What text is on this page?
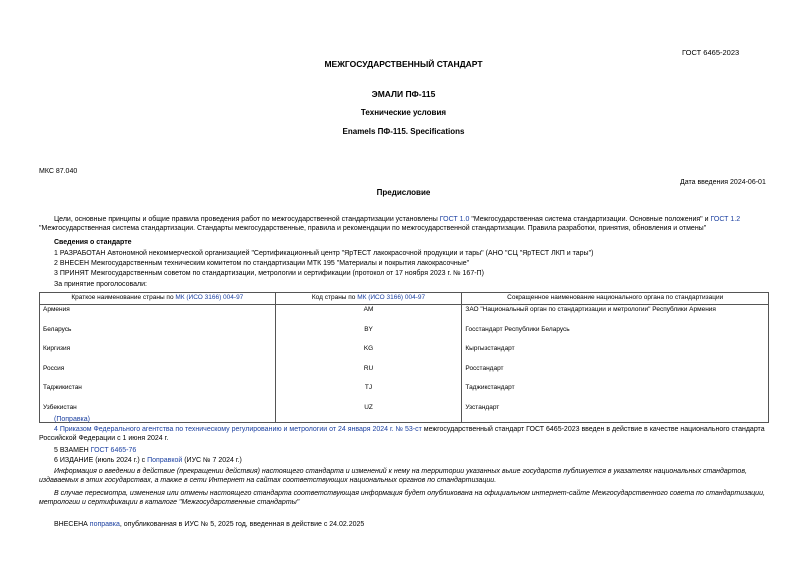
ГОСТ 6465-2023
МЕЖГОСУДАРСТВЕННЫЙ СТАНДАРТ
ЭМАЛИ ПФ-115
Технические условия
Enamels ПФ-115. Specifications
МКС 87.040
Дата введения 2024-06-01
Предисловие
Цели, основные принципы и общие правила проведения работ по межгосударственной стандартизации установлены ГОСТ 1.0 "Межгосударственная система стандартизации. Основные положения" и ГОСТ 1.2 "Межгосударственная система стандартизации. Стандарты межгосударственные, правила и рекомендации по межгосударственной стандартизации. Правила разработки, принятия, обновления и отмены"
Сведения о стандарте
1 РАЗРАБОТАН Автономной некоммерческой организацией "Сертификационный центр "ЯрТЕСТ лакокрасочной продукции и тары" (АНО "СЦ "ЯрТЕСТ ЛКП и тары")
2 ВНЕСЕН Межгосударственным техническим комитетом по стандартизации МТК 195 "Материалы и покрытия лакокрасочные"
3 ПРИНЯТ Межгосударственным советом по стандартизации, метрологии и сертификации (протокол от 17 ноября 2023 г. № 167-П)
За принятие проголосовали:
Краткое наименование страны по МК (ИСО 3166) 004-97	Код страны по МК (ИСО 3166) 004-97	Сокращенное наименование национального органа по стандартизации
Армения	AM	ЗАО "Национальный орган по стандартизации и метрологии" Республики Армения
Беларусь	BY	Госстандарт Республики Беларусь
Киргизия	KG	Кыргызстандарт
Россия	RU	Росстандарт
Таджикистан	TJ	Таджикстандарт
Узбекистан	UZ	Узстандарт
(Поправка)
4 Приказом Федерального агентства по техническому регулированию и метрологии от 24 января 2024 г. № 53-ст межгосударственный стандарт ГОСТ 6465-2023 введен в действие в качестве национального стандарта Российской Федерации с 1 июня 2024 г.
5 ВЗАМЕН ГОСТ 6465-76
6 ИЗДАНИЕ (июль 2024 г.) с Поправкой (ИУС № 7 2024 г.)
Информация о введении в действие (прекращении действия) настоящего стандарта и изменений к нему на территории указанных выше государств публикуется в указателях национальных стандартов, издаваемых в этих государствах, а также в сети Интернет на сайтах соответствующих национальных органов по стандартизации.
В случае пересмотра, изменения или отмены настоящего стандарта соответствующая информация будет опубликована на официальном интернет-сайте Межгосударственного совета по стандартизации, метрологии и сертификации в каталоге "Межгосударственные стандарты"
ВНЕСЕНА поправка, опубликованная в ИУС № 5, 2025 год, введенная в действие с 24.02.2025
